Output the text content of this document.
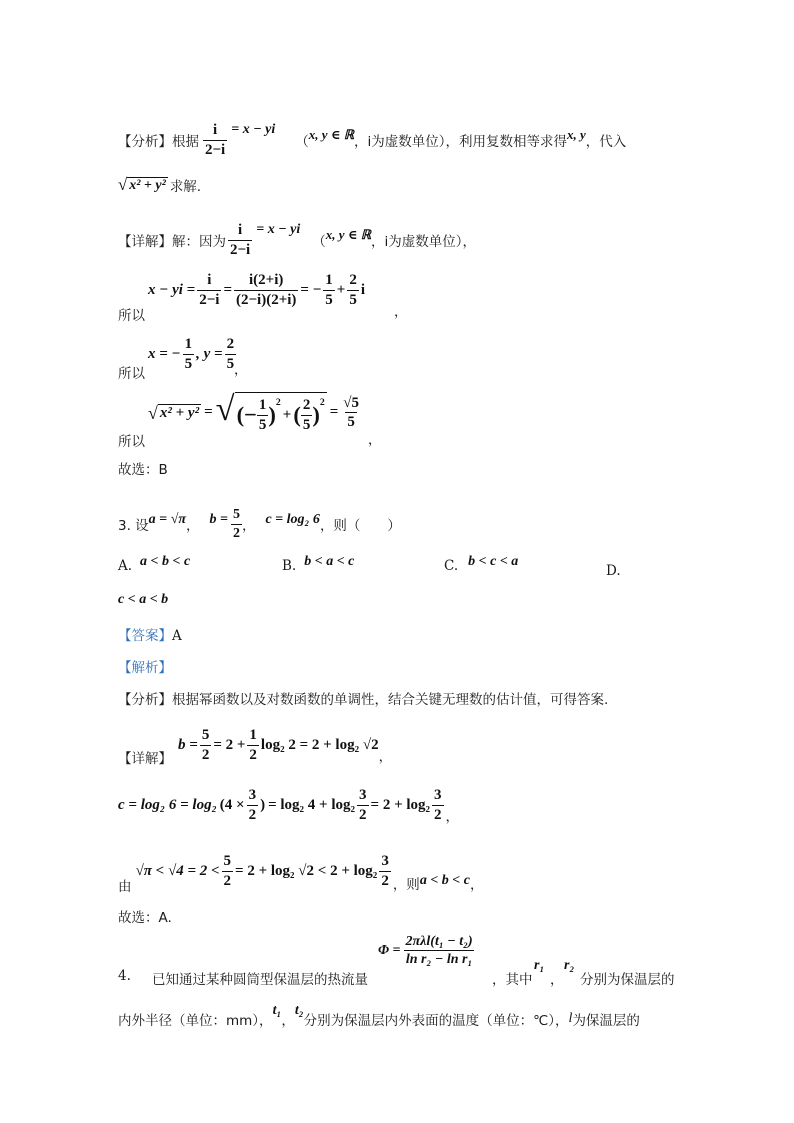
【分析】根据 $\frac{i}{2-i} = x$ − yi
（ x, y ∈ ℝ ，i为虚数单位），利用复数相等求得 x, y ，代入
√ x² + y² 求解.
【详解】解：因为 $\frac{i}{2-i} = x$ − yi
（ x, y ∈ ℝ ，i为虚数单位），
x − yi = $\frac{i}{2-i} = \frac{i(2+i)}{(2-i)(2+i)}$ = − $\frac{1}{5} + \frac{2}{5}$ i
所以	，
x = − $\frac{1}{5}$ , $y = \frac{2}{5}$
所以	，
√ x² + y² = √ (− $\frac{1}{5} )^2$
+ ( $\frac{2}{5} )^2$
= $\frac{√5}{5}$
所以	，
故选：B
3. 设 a = √π ， $b = \frac{5}{2}$ ， c = log₂ 6 ，则（　　）
A. a < b < c	B. b < a < c	C. b < c < a
D.
c < a < b
【答案】A
【解析】
【分析】根据幂函数以及对数函数的单调性，结合关键无理数的估计值，可得答案.
【详解】
$b = \frac{5}{2} = 2 + \frac{1}{2} \log_2$ 2 = 2 + log₂ √2
，
c = log₂ 6 = log₂ ($4 \times \frac{3}{2}$ ) = log₂ $4 + \log_2 \frac{3}{2} = 2 + \log_2 \frac{3}{2}$ ，
由
$√\pi < √4 = 2 < \frac{5}{2} = 2 + \log_2$ $√2 < 2 + \log_2 \frac{3}{2}$ ，则 a < b < c ，
故选：A.
4. 已知通过某种圆筒型保温层的热流量
$\Phi = \frac{\text{2πλl(t₁ − t₂)}}{\text{ln r₂ − ln r₁}}$
，其中
r₁
，
r₂
分别为保温层的
内外半径（单位：mm），
t₁
，
t₂
分别为保温层内外表面的温度（单位：℃）， l 为保温层的
